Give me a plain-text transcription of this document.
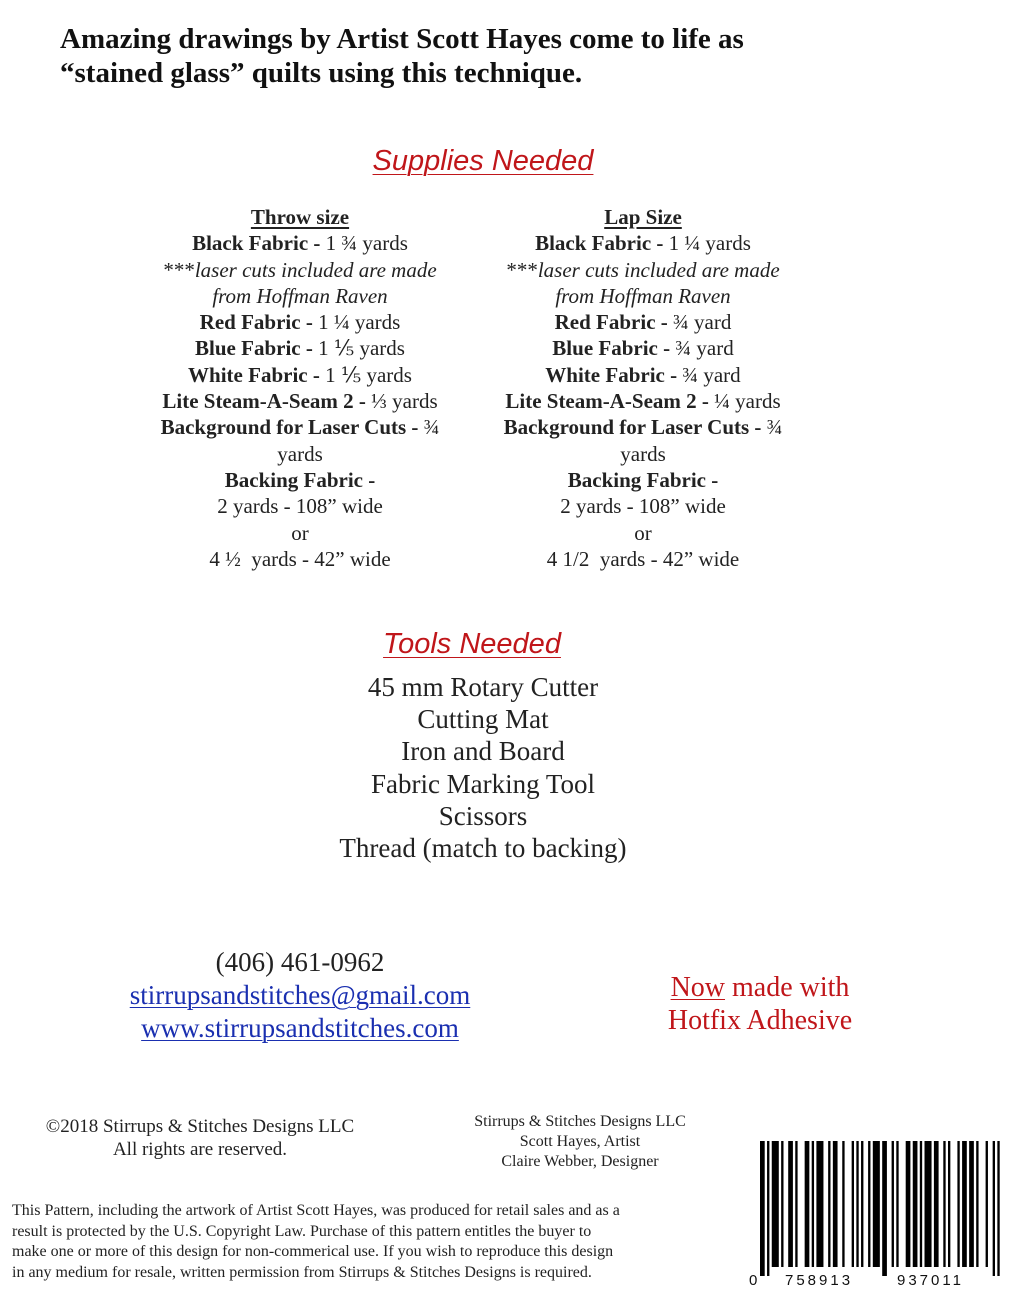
Amazing drawings by Artist Scott Hayes come to life as
“stained glass” quilts using this technique.
Supplies Needed
Throw size
Black Fabric - 1 ¾ yards
***laser cuts included are made
from Hoffman Raven
Red Fabric - 1 ¼ yards
Blue Fabric - 1 ⅕ yards
White Fabric - 1 ⅕ yards
Lite Steam-A-Seam 2 - ⅓ yards
Background for Laser Cuts - ¾
yards
Backing Fabric -
2 yards - 108” wide
or
4 ½  yards - 42” wide
Lap Size
Black Fabric - 1 ¼ yards
***laser cuts included are made
from Hoffman Raven
Red Fabric - ¾ yard
Blue Fabric - ¾ yard
White Fabric - ¾ yard
Lite Steam-A-Seam 2 - ¼ yards
Background for Laser Cuts - ¾
yards
Backing Fabric -
2 yards - 108” wide
or
4 1/2  yards - 42” wide
Tools Needed
45 mm Rotary Cutter
Cutting Mat
Iron and Board
Fabric Marking Tool
Scissors
Thread (match to backing)
(406) 461-0962
stirrupsandstitches@gmail.com
www.stirrupsandstitches.com
Now made with
Hotfix Adhesive
©2018 Stirrups & Stitches Designs LLC
All rights are reserved.
Stirrups & Stitches Designs LLC
Scott Hayes, Artist
Claire Webber, Designer
This Pattern, including the artwork of Artist Scott Hayes, was produced for retail sales and as a
result is protected by the U.S. Copyright Law. Purchase of this pattern entitles the buyer to
make one or more of this design for non-commerical use. If you wish to reproduce this design
in any medium for resale, written permission from Stirrups & Stitches Designs is required.	0 758913	937011
